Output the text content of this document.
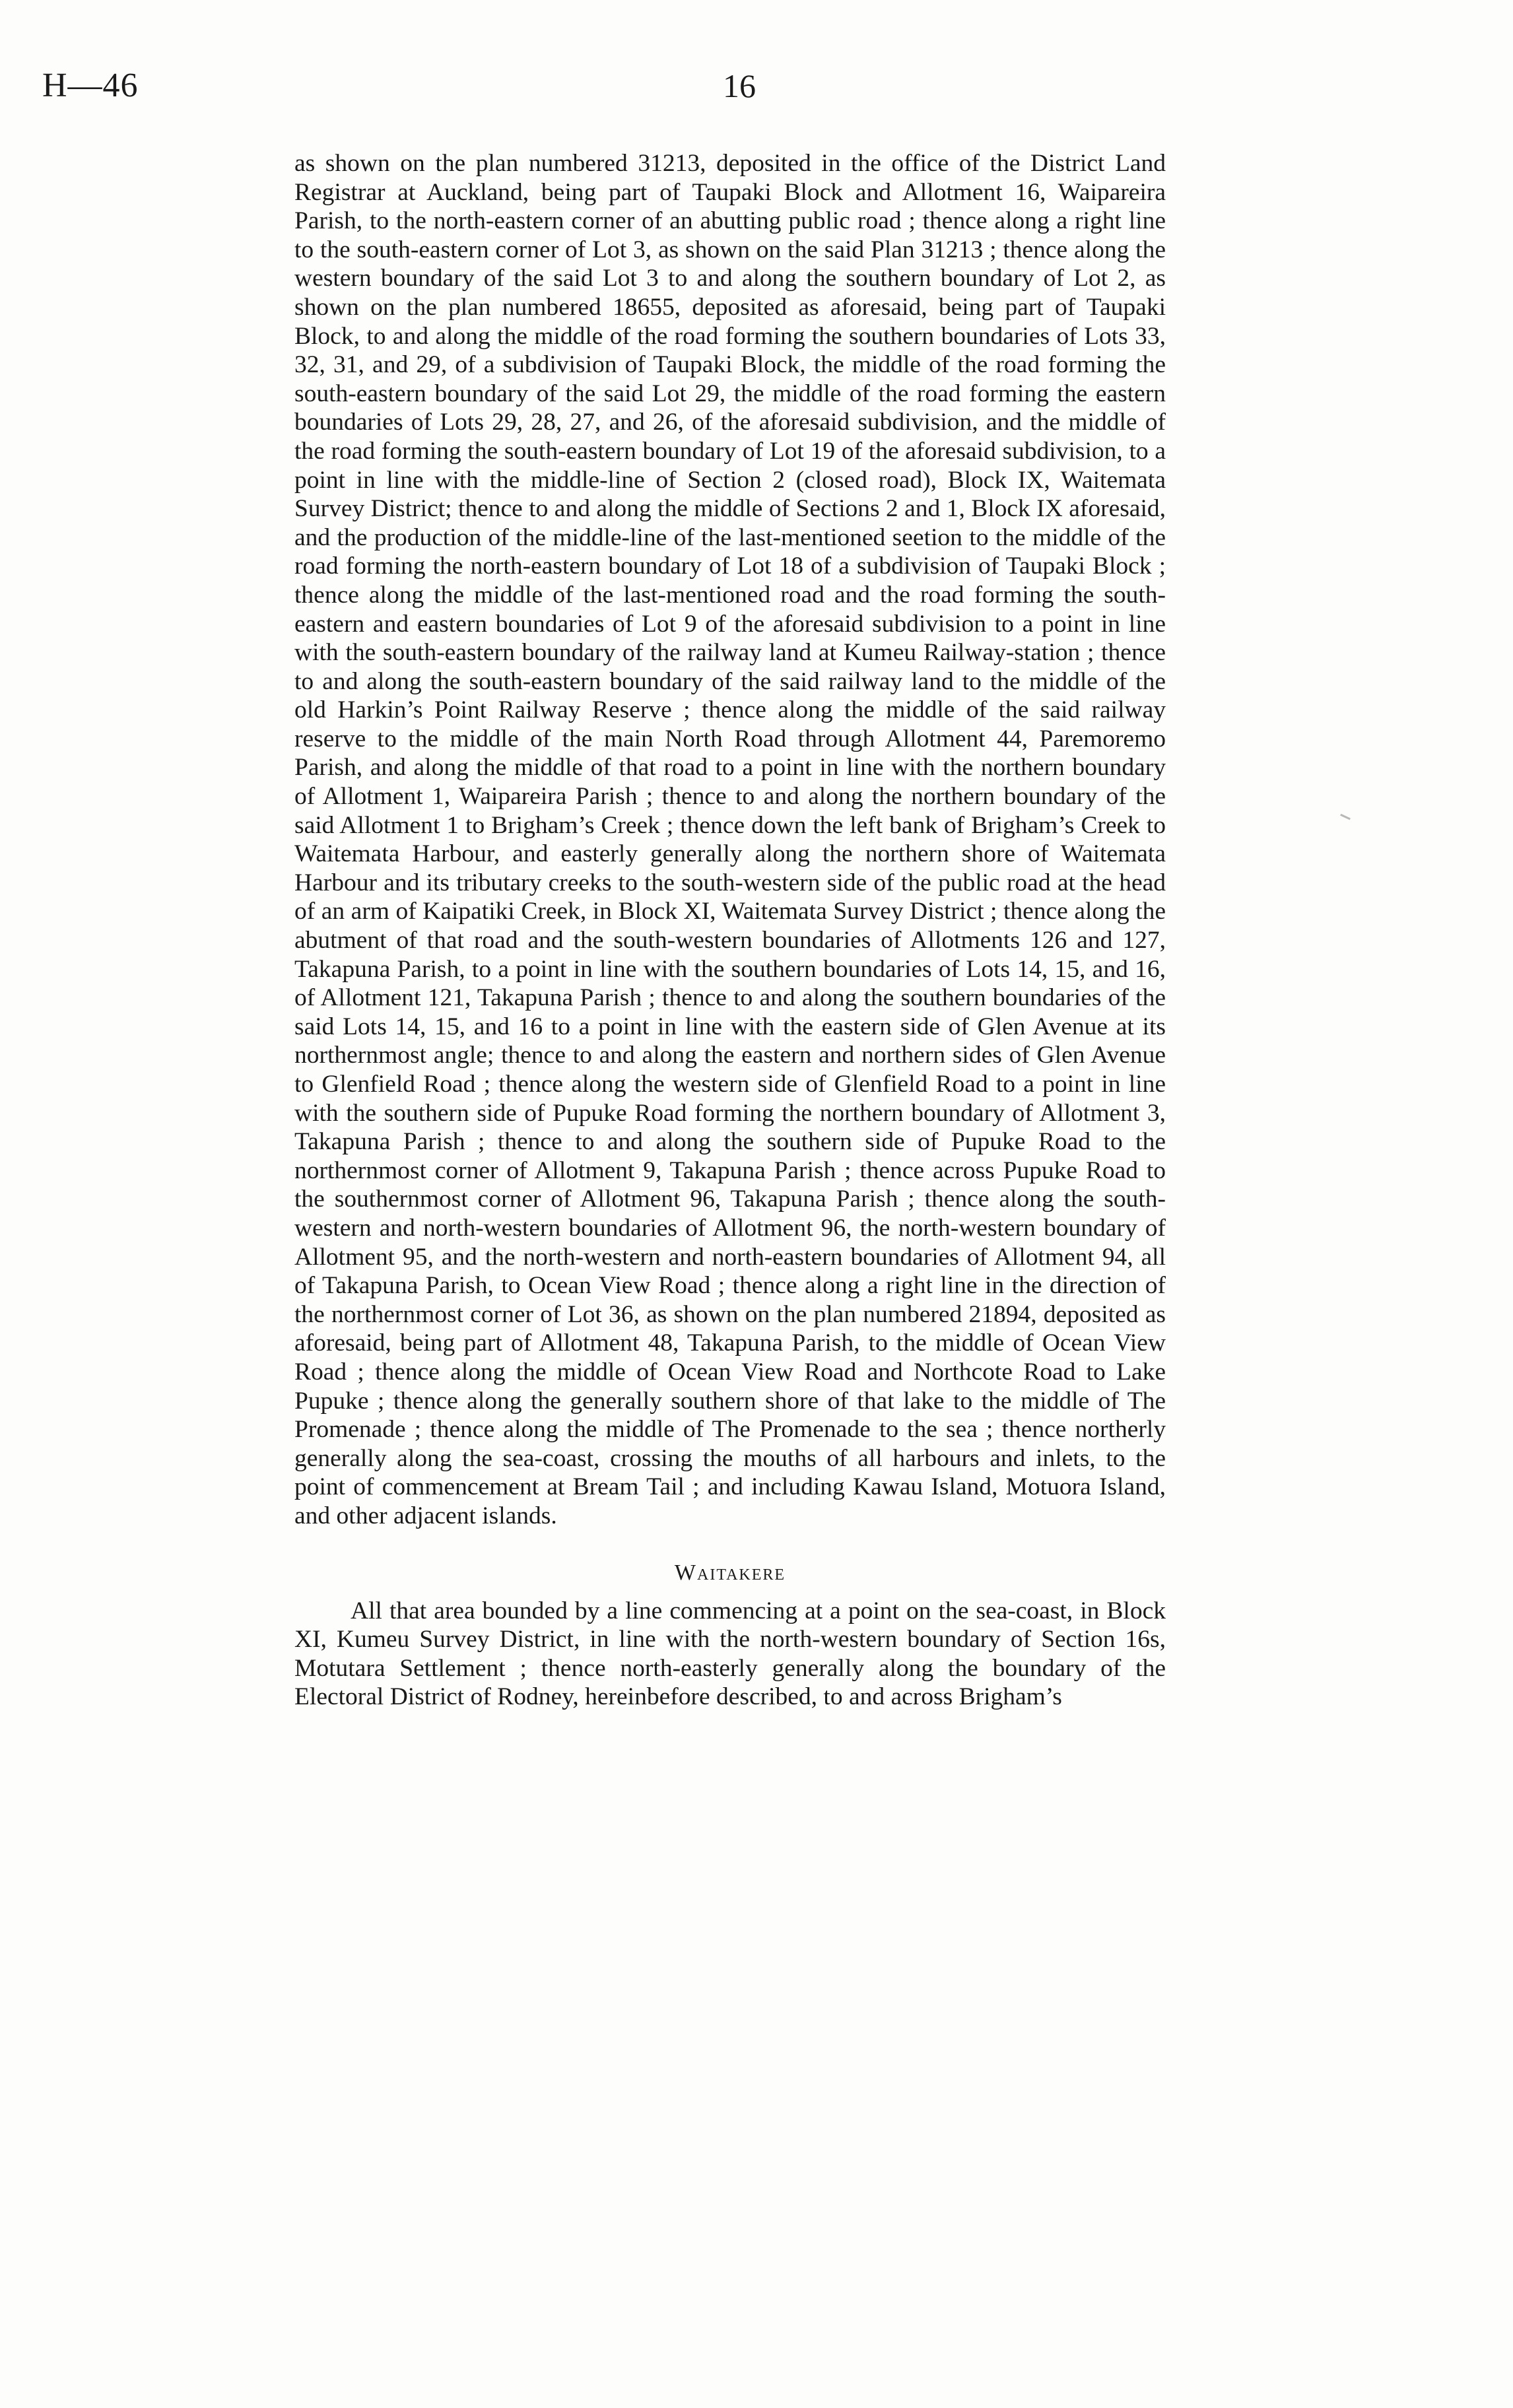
H—46	16

as shown on the plan numbered 31213, deposited in the office of the District Land Registrar at Auckland, being part of Taupaki Block and Allotment 16, Waipareira Parish, to the north-eastern corner of an abutting public road ; thence along a right line to the south-eastern corner of Lot 3, as shown on the said Plan 31213 ; thence along the western boundary of the said Lot 3 to and along the southern boundary of Lot 2, as shown on the plan numbered 18655, deposited as aforesaid, being part of Taupaki Block, to and along the middle of the road forming the southern boundaries of Lots 33, 32, 31, and 29, of a subdivision of Taupaki Block, the middle of the road forming the south-eastern boundary of the said Lot 29, the middle of the road forming the eastern boundaries of Lots 29, 28, 27, and 26, of the aforesaid subdivision, and the middle of the road forming the south-eastern boundary of Lot 19 of the aforesaid subdivision, to a point in line with the middle-line of Section 2 (closed road), Block IX, Waitemata Survey District; thence to and along the middle of Sections 2 and 1, Block IX aforesaid, and the production of the middle-line of the last-mentioned seetion to the middle of the road forming the north-eastern boundary of Lot 18 of a subdivision of Taupaki Block ; thence along the middle of the last-mentioned road and the road forming the south-eastern and eastern boundaries of Lot 9 of the aforesaid subdivision to a point in line with the south-eastern boundary of the railway land at Kumeu Railway-station ; thence to and along the south-eastern boundary of the said railway land to the middle of the old Harkin’s Point Railway Reserve ; thence along the middle of the said railway reserve to the middle of the main North Road through Allotment 44, Paremoremo Parish, and along the middle of that road to a point in line with the northern boundary of Allotment 1, Waipareira Parish ; thence to and along the northern boundary of the said Allotment 1 to Brigham’s Creek ; thence down the left bank of Brigham’s Creek to Waitemata Harbour, and easterly generally along the northern shore of Waitemata Harbour and its tributary creeks to the south-western side of the public road at the head of an arm of Kaipatiki Creek, in Block XI, Waitemata Survey District ; thence along the abutment of that road and the south-western boundaries of Allotments 126 and 127, Takapuna Parish, to a point in line with the southern boundaries of Lots 14, 15, and 16, of Allotment 121, Takapuna Parish ; thence to and along the southern boundaries of the said Lots 14, 15, and 16 to a point in line with the eastern side of Glen Avenue at its northernmost angle; thence to and along the eastern and northern sides of Glen Avenue to Glenfield Road ; thence along the western side of Glenfield Road to a point in line with the southern side of Pupuke Road forming the northern boundary of Allotment 3, Takapuna Parish ; thence to and along the southern side of Pupuke Road to the northernmost corner of Allotment 9, Takapuna Parish ; thence across Pupuke Road to the southernmost corner of Allotment 96, Takapuna Parish ; thence along the south-western and north-western boundaries of Allotment 96, the north-western boundary of Allotment 95, and the north-western and north-eastern boundaries of Allotment 94, all of Takapuna Parish, to Ocean View Road ; thence along a right line in the direction of the northernmost corner of Lot 36, as shown on the plan numbered 21894, deposited as aforesaid, being part of Allotment 48, Takapuna Parish, to the middle of Ocean View Road ; thence along the middle of Ocean View Road and Northcote Road to Lake Pupuke ; thence along the generally southern shore of that lake to the middle of The Promenade ; thence along the middle of The Promenade to the sea ; thence northerly generally along the sea-coast, crossing the mouths of all harbours and inlets, to the point of commencement at Bream Tail ; and including Kawau Island, Motuora Island, and other adjacent islands.

Waitakere

All that area bounded by a line commencing at a point on the sea-coast, in Block XI, Kumeu Survey District, in line with the north-western boundary of Section 16s, Motutara Settlement ; thence north-easterly generally along the boundary of the Electoral District of Rodney, hereinbefore described, to and across Brigham’s
